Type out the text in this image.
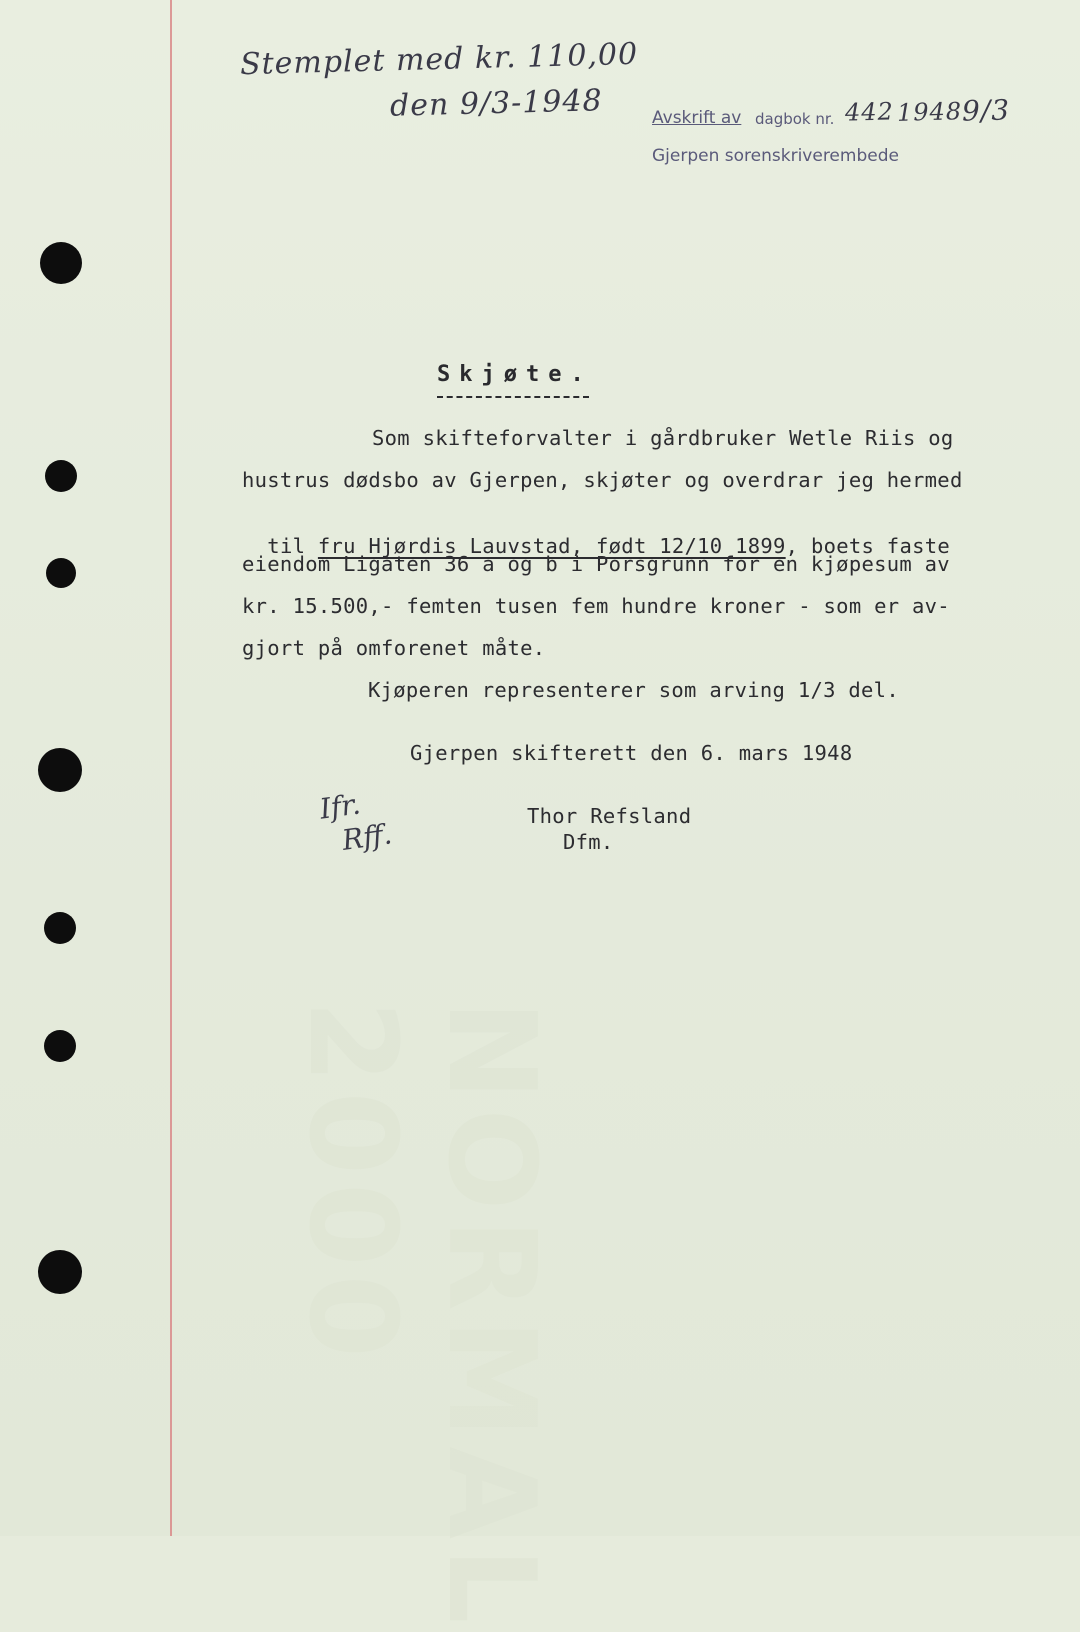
NORMAL 2000
Stemplet med kr. 110,00
den 9/3-1948	Avskrift av dagbok nr. 442 1948 9/3
Gjerpen sorenskriverembede
Skjøte.
Som skifteforvalter i gårdbruker Wetle Riis og
hustrus dødsbo av Gjerpen, skjøter og overdrar jeg hermed

til fru Hjørdis Lauvstad, født 12/10 1899, boets faste

eiendom Ligaten 36 a og b i Porsgrunn for en kjøpesum av
kr. 15.500,- femten tusen fem hundre kroner - som er av-
gjort på omforenet måte.
Kjøperen representerer som arving 1/3 del.
Gjerpen skifterett den 6. mars 1948
Ifr.
Rff.
Thor Refsland
Dfm.
